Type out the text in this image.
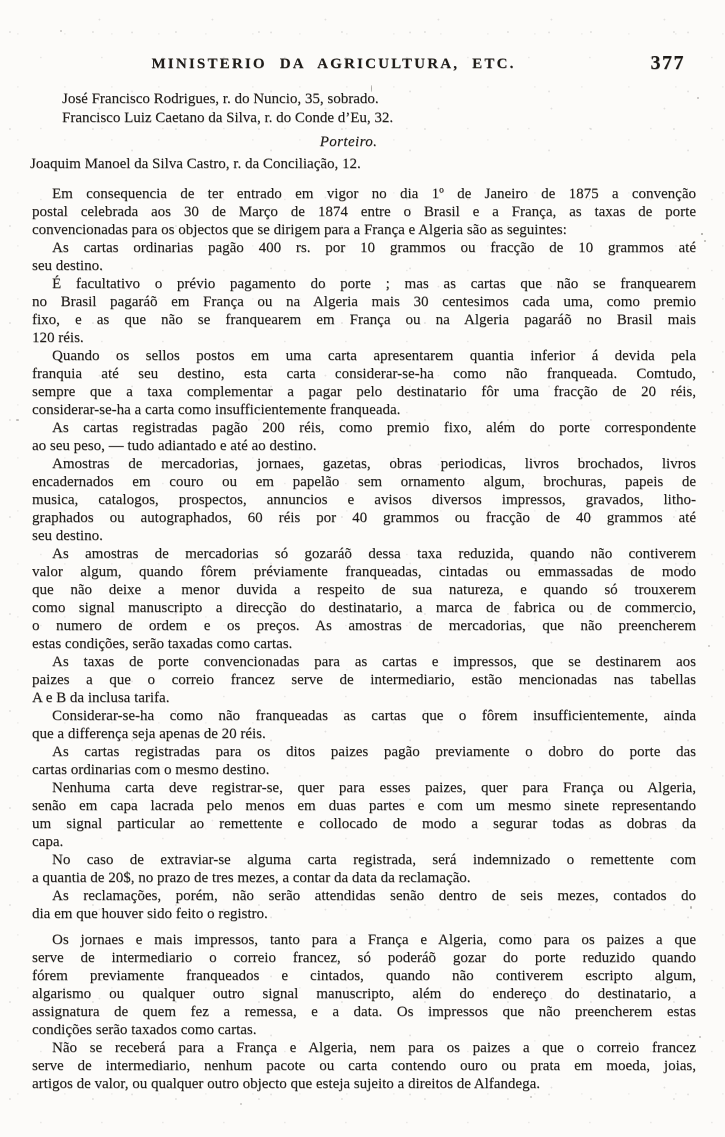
MINISTERIO DA AGRICULTURA, ETC.	377
José Francisco Rodrigues, r. do Nuncio, 35, sobrado.
Francisco Luiz Caetano da Silva, r. do Conde d’Eu, 32.
Porteiro.
Joaquim Manoel da Silva Castro, r. da Conciliação, 12.
Em consequencia de ter entrado em vigor no dia 1º de Janeiro de 1875 a convenção
postal celebrada aos 30 de Março de 1874 entre o Brasil e a França, as taxas de porte
convencionadas para os objectos que se dirigem para a França e Algeria são as seguintes:
As cartas ordinarias pagão 400 rs. por 10 grammos ou fracção de 10 grammos até
seu destino.
É facultativo o prévio pagamento do porte ; mas as cartas que não se franquearem
no Brasil pagaráõ em França ou na Algeria mais 30 centesimos cada uma, como premio
fixo, e as que não se franquearem em França ou na Algeria pagaráõ no Brasil mais
120 réis.
Quando os sellos postos em uma carta apresentarem quantia inferior á devida pela
franquia até seu destino, esta carta considerar-se-ha como não franqueada. Comtudo,
sempre que a taxa complementar a pagar pelo destinatario fôr uma fracção de 20 réis,
considerar-se-ha a carta como insufficientemente franqueada.
As cartas registradas pagão 200 réis, como premio fixo, além do porte correspondente
ao seu peso, — tudo adiantado e até ao destino.
Amostras de mercadorias, jornaes, gazetas, obras periodicas, livros brochados, livros
encadernados em couro ou em papelão sem ornamento algum, brochuras, papeis de
musica, catalogos, prospectos, annuncios e avisos diversos impressos, gravados, litho-
graphados ou autographados, 60 réis por 40 grammos ou fracção de 40 grammos até
seu destino.
As amostras de mercadorias só gozaráõ dessa taxa reduzida, quando não contiverem
valor algum, quando fôrem préviamente franqueadas, cintadas ou emmassadas de modo
que não deixe a menor duvida a respeito de sua natureza, e quando só trouxerem
como signal manuscripto a direcção do destinatario, a marca de fabrica ou de commercio,
o numero de ordem e os preços. As amostras de mercadorias, que não preencherem
estas condições, serão taxadas como cartas.
As taxas de porte convencionadas para as cartas e impressos, que se destinarem aos
paizes a que o correio francez serve de intermediario, estão mencionadas nas tabellas
A e B da inclusa tarifa.
Considerar-se-ha como não franqueadas as cartas que o fôrem insufficientemente, ainda
que a differença seja apenas de 20 réis.
As cartas registradas para os ditos paizes pagão previamente o dobro do porte das
cartas ordinarias com o mesmo destino.
Nenhuma carta deve registrar-se, quer para esses paizes, quer para França ou Algeria,
senão em capa lacrada pelo menos em duas partes e com um mesmo sinete representando
um signal particular ao remettente e collocado de modo a segurar todas as dobras da
capa.
No caso de extraviar-se alguma carta registrada, será indemnizado o remettente com
a quantia de 20$, no prazo de tres mezes, a contar da data da reclamação.
As reclamações, porém, não serão attendidas senão dentro de seis mezes, contados do
dia em que houver sido feito o registro.
Os jornaes e mais impressos, tanto para a França e Algeria, como para os paizes a que
serve de intermediario o correio francez, só poderáõ gozar do porte reduzido quando
fórem previamente franqueados e cintados, quando não contiverem escripto algum,
algarismo ou qualquer outro signal manuscripto, além do endereço do destinatario, a
assignatura de quem fez a remessa, e a data. Os impressos que não preencherem estas
condições serão taxados como cartas.
Não se receberá para a França e Algeria, nem para os paizes a que o correio francez
serve de intermediario, nenhum pacote ou carta contendo ouro ou prata em moeda, joias,
artigos de valor, ou qualquer outro objecto que esteja sujeito a direitos de Alfandega.
